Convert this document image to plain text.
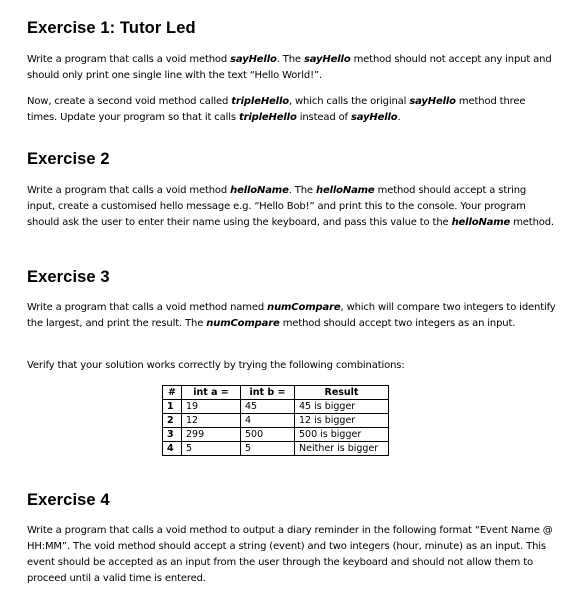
Exercise 1: Tutor Led

Write a program that calls a void method sayHello. The sayHello method should not accept any input and should only print one single line with the text “Hello World!”.

Now, create a second void method called tripleHello, which calls the original sayHello method three times. Update your program so that it calls tripleHello instead of sayHello.

Exercise 2

Write a program that calls a void method helloName. The helloName method should accept a string input, create a customised hello message e.g. “Hello Bob!” and print this to the console. Your program should ask the user to enter their name using the keyboard, and pass this value to the helloName method.

Exercise 3

Write a program that calls a void method named numCompare, which will compare two integers to identify the largest, and print the result. The numCompare method should accept two integers as an input.

Verify that your solution works correctly by trying the following combinations:

#	int a =	int b =	Result
1	19	45	45 is bigger
2	12	4	12 is bigger
3	299	500	500 is bigger
4	5	5	Neither is bigger
Exercise 4

Write a program that calls a void method to output a diary reminder in the following format “Event Name @ HH:MM”. The void method should accept a string (event) and two integers (hour, minute) as an input. This event should be accepted as an input from the user through the keyboard and should not allow them to proceed until a valid time is entered.
